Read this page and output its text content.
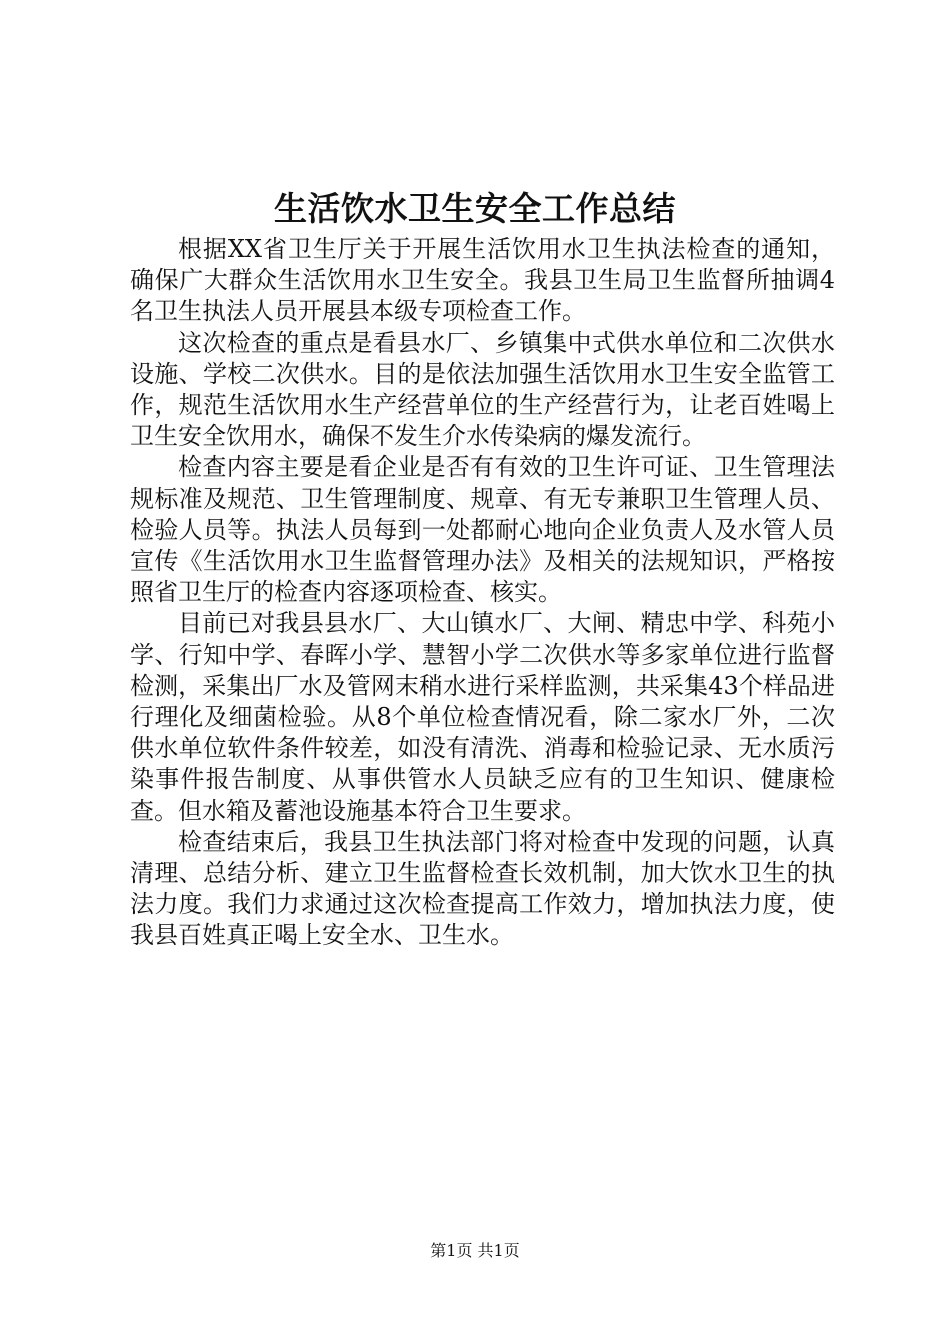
生活饮水卫生安全工作总结

根据XX省卫生厅关于开展生活饮用水卫生执法检查的通知，确保广大群众生活饮用水卫生安全。我县卫生局卫生监督所抽调4名卫生执法人员开展县本级专项检查工作。

这次检查的重点是看县水厂、乡镇集中式供水单位和二次供水设施、学校二次供水。目的是依法加强生活饮用水卫生安全监管工作，规范生活饮用水生产经营单位的生产经营行为，让老百姓喝上卫生安全饮用水，确保不发生介水传染病的爆发流行。

检查内容主要是看企业是否有有效的卫生许可证、卫生管理法规标准及规范、卫生管理制度、规章、有无专兼职卫生管理人员、检验人员等。执法人员每到一处都耐心地向企业负责人及水管人员宣传《生活饮用水卫生监督管理办法》及相关的法规知识，严格按照省卫生厅的检查内容逐项检查、核实。

目前已对我县县水厂、大山镇水厂、大闸、精忠中学、科苑小学、行知中学、春晖小学、慧智小学二次供水等多家单位进行监督检测，采集出厂水及管网末稍水进行采样监测，共采集43个样品进行理化及细菌检验。从8个单位检查情况看，除二家水厂外，二次供水单位软件条件较差，如没有清洗、消毒和检验记录、无水质污染事件报告制度、从事供管水人员缺乏应有的卫生知识、健康检查。但水箱及蓄池设施基本符合卫生要求。

检查结束后，我县卫生执法部门将对检查中发现的问题，认真清理、总结分析、建立卫生监督检查长效机制，加大饮水卫生的执法力度。我们力求通过这次检查提高工作效力，增加执法力度，使我县百姓真正喝上安全水、卫生水。

第1页 共1页
